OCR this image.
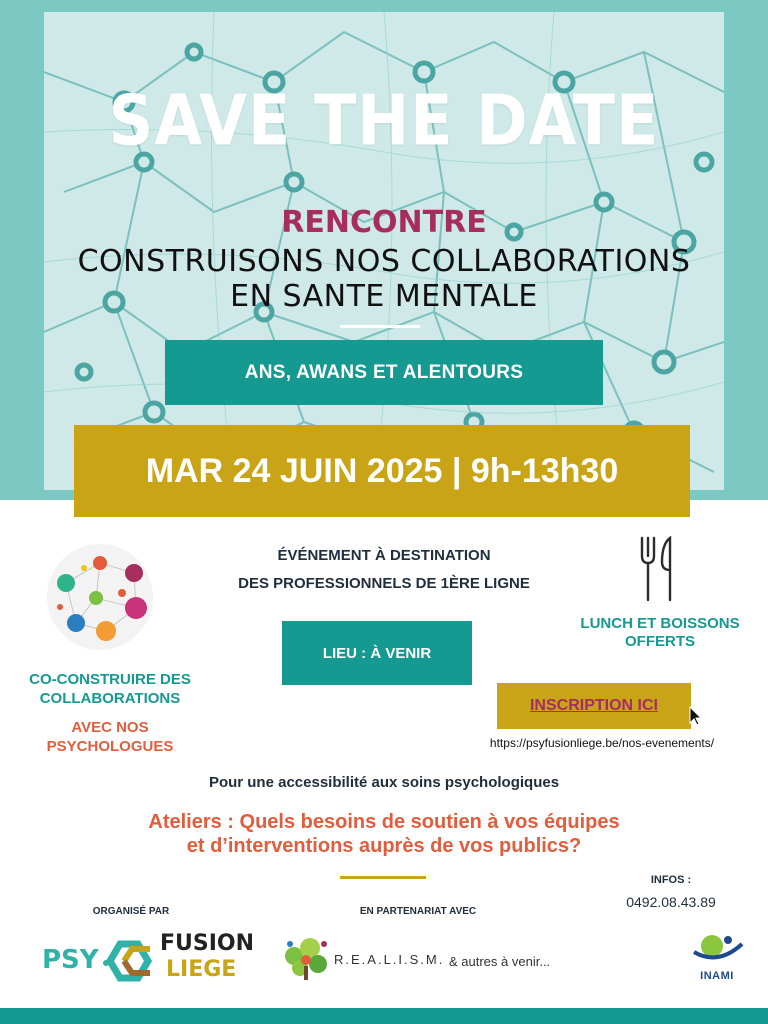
SAVE THE DATE
RENCONTRE
CONSTRUISONS NOS COLLABORATIONS
EN SANTE MENTALE
ANS, AWANS ET ALENTOURS
MAR 24 JUIN 2025 | 9h-13h30
CO-CONSTRUIRE DES
COLLABORATIONS
AVEC NOS
PSYCHOLOGUES
ÉVÉNEMENT À DESTINATION
DES PROFESSIONNELS DE 1ÈRE LIGNE
LIEU : À VENIR
LUNCH ET BOISSONS
OFFERTS
INSCRIPTION ICI
https://psyfusionliege.be/nos-evenements/
Pour une accessibilité aux soins psychologiques
Ateliers : Quels besoins de soutien à vos équipes
et d’interventions auprès de vos publics?
INFOS :
0492.08.43.89
ORGANISÉ PAR	EN PARTENARIAT AVEC
PSY
FUSION
LIEGE	R.E.A.L.I.S.M. & autres à venir...
INAMI
